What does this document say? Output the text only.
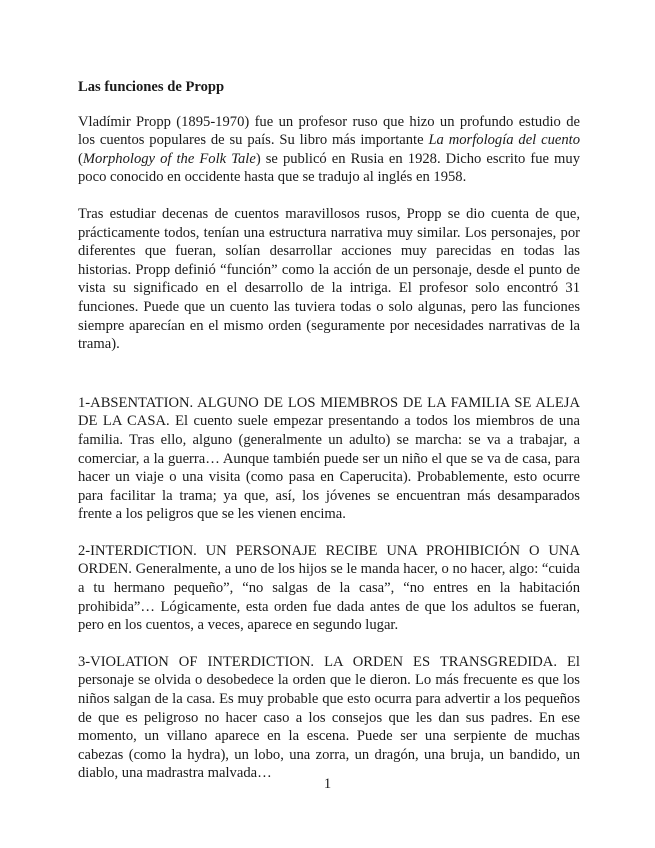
Las funciones de Propp

Vladímir Propp (1895-1970) fue un profesor ruso que hizo un profundo estudio de los cuentos populares de su país. Su libro más importante La morfología del cuento (Morphology of the Folk Tale) se publicó en Rusia en 1928. Dicho escrito fue muy poco conocido en occidente hasta que se tradujo al inglés en 1958.

Tras estudiar decenas de cuentos maravillosos rusos, Propp se dio cuenta de que, prácticamente todos, tenían una estructura narrativa muy similar. Los personajes, por diferentes que fueran, solían desarrollar acciones muy parecidas en todas las historias. Propp definió “función” como la acción de un personaje, desde el punto de vista su significado en el desarrollo de la intriga. El profesor solo encontró 31 funciones. Puede que un cuento las tuviera todas o solo algunas, pero las funciones siempre aparecían en el mismo orden (seguramente por necesidades narrativas de la trama).

1-ABSENTATION. ALGUNO DE LOS MIEMBROS DE LA FAMILIA SE ALEJA DE LA CASA. El cuento suele empezar presentando a todos los miembros de una familia. Tras ello, alguno (generalmente un adulto) se marcha: se va a trabajar, a comerciar, a la guerra… Aunque también puede ser un niño el que se va de casa, para hacer un viaje o una visita (como pasa en Caperucita). Probablemente, esto ocurre para facilitar la trama; ya que, así, los jóvenes se encuentran más desamparados frente a los peligros que se les vienen encima.

2-INTERDICTION. UN PERSONAJE RECIBE UNA PROHIBICIÓN O UNA ORDEN. Generalmente, a uno de los hijos se le manda hacer, o no hacer, algo: “cuida a tu hermano pequeño”, “no salgas de la casa”, “no entres en la habitación prohibida”… Lógicamente, esta orden fue dada antes de que los adultos se fueran, pero en los cuentos, a veces, aparece en segundo lugar.

3-VIOLATION OF INTERDICTION. LA ORDEN ES TRANSGREDIDA. El personaje se olvida o desobedece la orden que le dieron. Lo más frecuente es que los niños salgan de la casa. Es muy probable que esto ocurra para advertir a los pequeños de que es peligroso no hacer caso a los consejos que les dan sus padres. En ese momento, un villano aparece en la escena. Puede ser una serpiente de muchas cabezas (como la hydra), un lobo, una zorra, un dragón, una bruja, un bandido, un diablo, una madrastra malvada…

1
